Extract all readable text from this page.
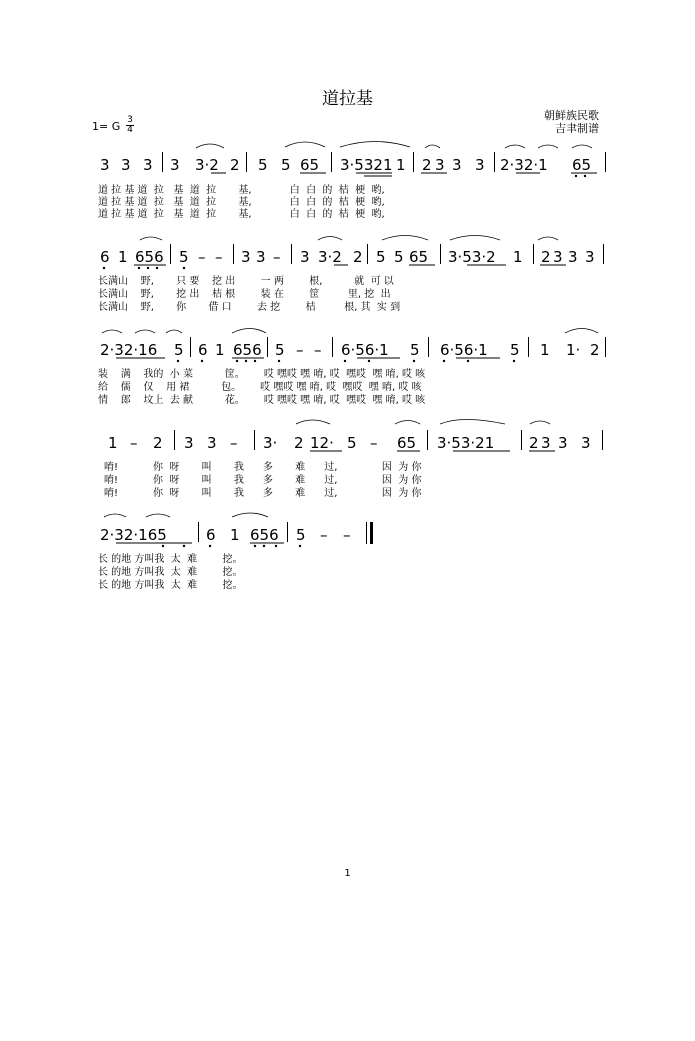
道拉基
朝鲜族民歌
吉聿制谱
1= G 3
4
3 3 3 3 3·2 2 5 5 65 3·5321 1 2 3 3 3 2·32·1 65
道 拉 基 道  拉   基  道  拉       基,            白  白  的  桔  梗  哟,
道 拉 基 道  拉   基  道  拉       基,            白  白  的  桔  梗  哟,
道 拉 基 道  拉   基  道  拉       基,            白  白  的  桔  梗  哟,
6 1 656 5 – – 3 3 – 3 3·2 2 5 5 65 3·53·2 1 2 3 3 3
长满山    野,       只 要    挖 出        一 两        根,          就  可 以
长满山    野,       挖 出    桔 根        装 在        筐         里, 挖  出
长满山    野,       你       借 口        去 挖        桔         根, 其  实 到
2·32·16 5 6 1 656 5 – – 6·56·1 5 6·56·1 5 1 1· 2
装    满    我的  小 菜          筐。      哎 嘿哎 嘿 唷, 哎  嘿哎  嘿 唷, 哎 咳
给    儒    仅    用 裙          包。      哎 嘿哎 嘿 唷, 哎  嘿哎  嘿 唷, 哎 咳
情    郎    坟上  去 献          花。      哎 嘿哎 嘿 唷, 哎  嘿哎  嘿 唷, 哎 咳
1 – 2 3 3 – 3· 2 12· 5 – 65 3·53·21 2 3 3 3
唷!           你  呀       叫       我      多       难      过,              因  为 你
唷!           你  呀       叫       我      多       难      过,              因  为 你
唷!           你  呀       叫       我      多       难      过,              因  为 你
2·32·165	6 1 656 5 – –
长 的地 方叫我  太  难        挖。
长 的地 方叫我  太  难        挖。
长 的地 方叫我  太  难        挖。
1
